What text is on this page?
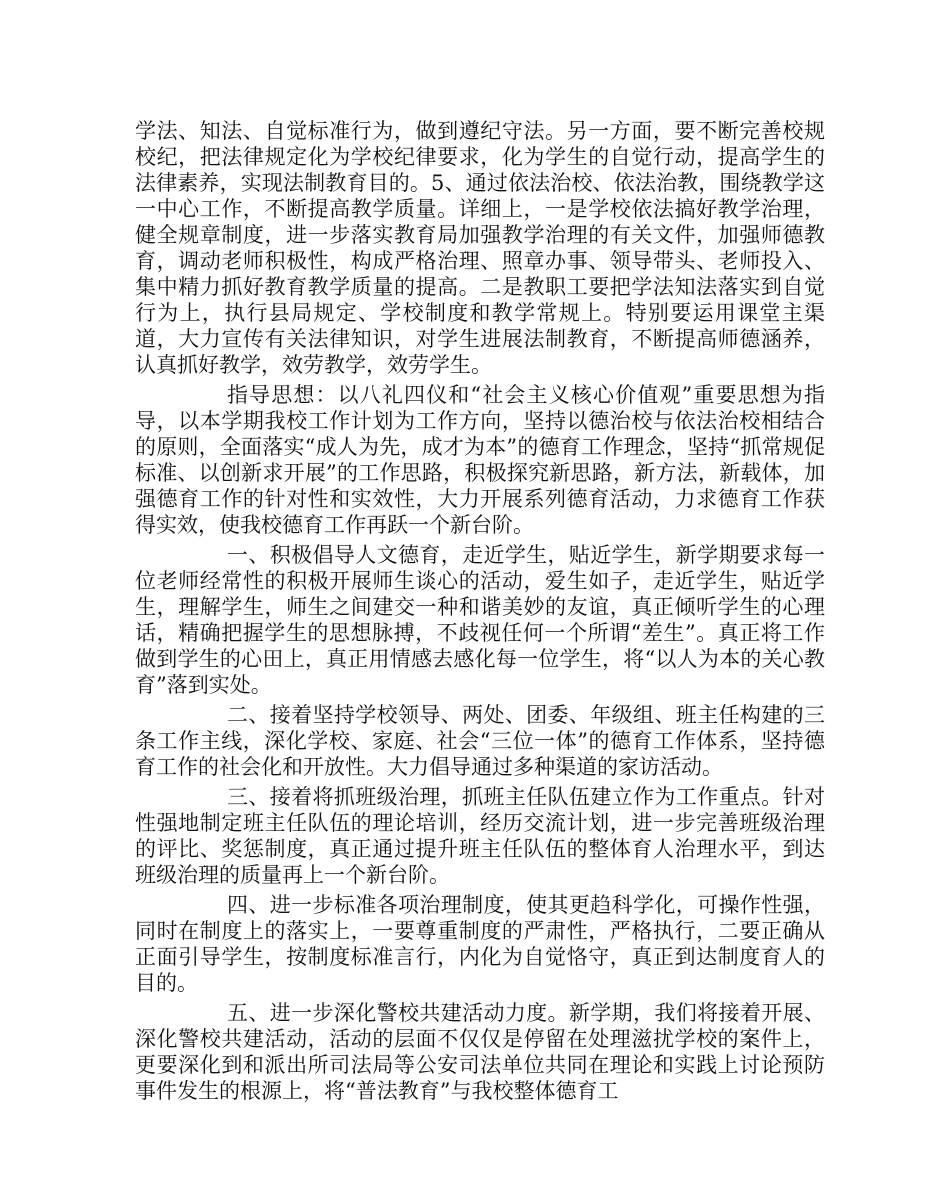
学法、知法、自觉标准行为，做到遵纪守法。另一方面，要不断完善校规校纪，把法律规定化为学校纪律要求，化为学生的自觉行动，提高学生的法律素养，实现法制教育目的。5、通过依法治校、依法治教，围绕教学这一中心工作，不断提高教学质量。详细上，一是学校依法搞好教学治理，健全规章制度，进一步落实教育局加强教学治理的有关文件，加强师德教育，调动老师积极性，构成严格治理、照章办事、领导带头、老师投入、集中精力抓好教育教学质量的提高。二是教职工要把学法知法落实到自觉行为上，执行县局规定、学校制度和教学常规上。特别要运用课堂主渠道，大力宣传有关法律知识，对学生进展法制教育，不断提高师德涵养，认真抓好教学，效劳教学，效劳学生。

指导思想：以八礼四仪和“社会主义核心价值观”重要思想为指导，以本学期我校工作计划为工作方向，坚持以德治校与依法治校相结合的原则，全面落实“成人为先，成才为本”的德育工作理念，坚持“抓常规促标准、以创新求开展”的工作思路，积极探究新思路，新方法，新载体，加强德育工作的针对性和实效性，大力开展系列德育活动，力求德育工作获得实效，使我校德育工作再跃一个新台阶。

一、积极倡导人文德育，走近学生，贴近学生，新学期要求每一位老师经常性的积极开展师生谈心的活动，爱生如子，走近学生，贴近学生，理解学生，师生之间建交一种和谐美妙的友谊，真正倾听学生的心理话，精确把握学生的思想脉搏，不歧视任何一个所谓“差生”。真正将工作做到学生的心田上，真正用情感去感化每一位学生，将“以人为本的关心教育”落到实处。

二、接着坚持学校领导、两处、团委、年级组、班主任构建的三条工作主线，深化学校、家庭、社会“三位一体”的德育工作体系，坚持德育工作的社会化和开放性。大力倡导通过多种渠道的家访活动。

三、接着将抓班级治理，抓班主任队伍建立作为工作重点。针对性强地制定班主任队伍的理论培训，经历交流计划，进一步完善班级治理的评比、奖惩制度，真正通过提升班主任队伍的整体育人治理水平，到达班级治理的质量再上一个新台阶。

四、进一步标准各项治理制度，使其更趋科学化，可操作性强，同时在制度上的落实上，一要尊重制度的严肃性，严格执行，二要正确从正面引导学生，按制度标准言行，内化为自觉恪守，真正到达制度育人的目的。

五、进一步深化警校共建活动力度。新学期，我们将接着开展、深化警校共建活动，活动的层面不仅仅是停留在处理滋扰学校的案件上，更要深化到和派出所司法局等公安司法单位共同在理论和实践上讨论预防事件发生的根源上，将“普法教育”与我校整体德育工
